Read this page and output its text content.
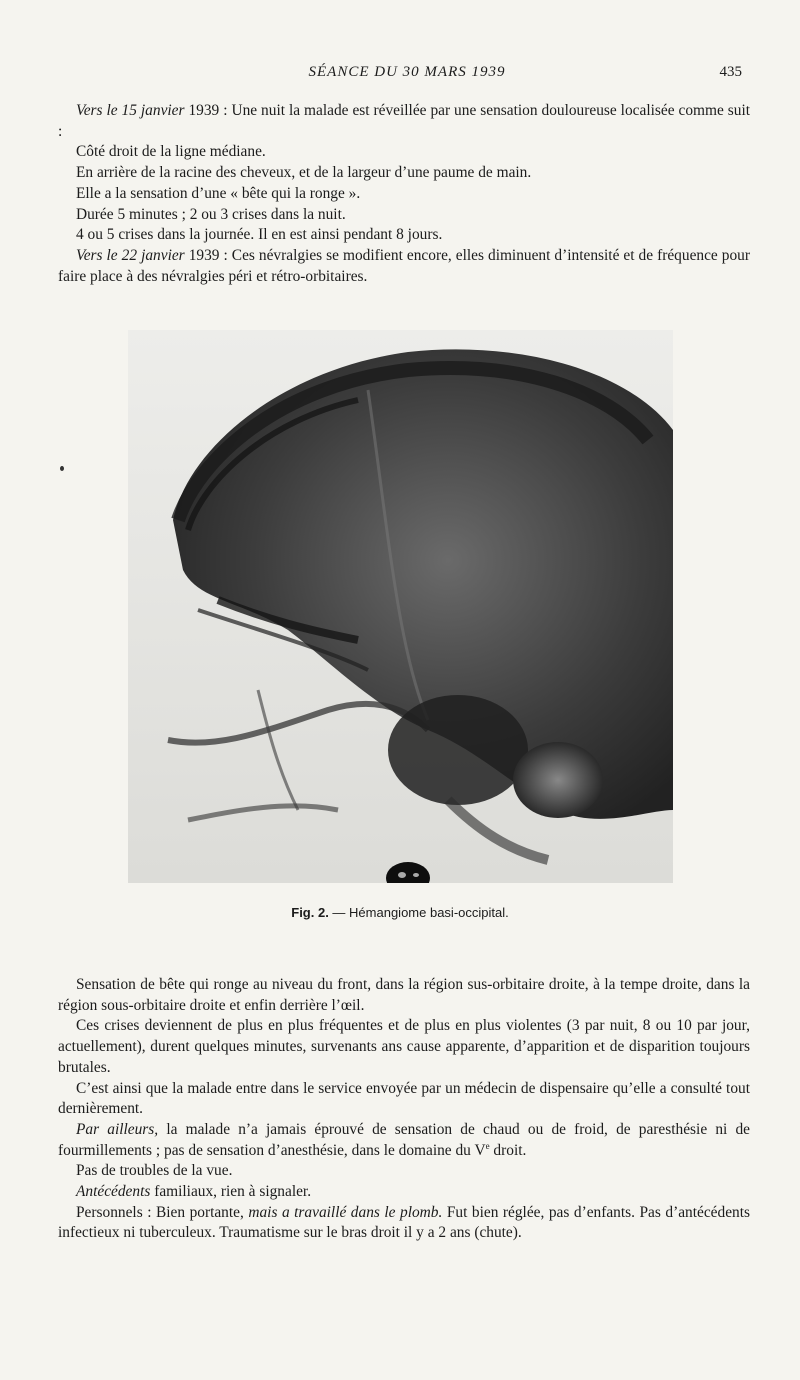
SÉANCE DU 30 MARS 1939	435

Vers le 15 janvier 1939 : Une nuit la malade est réveillée par une sensation douloureuse localisée comme suit :

Côté droit de la ligne médiane.

En arrière de la racine des cheveux, et de la largeur d’une paume de main.

Elle a la sensation d’une « bête qui la ronge ».

Durée 5 minutes ; 2 ou 3 crises dans la nuit.

4 ou 5 crises dans la journée. Il en est ainsi pendant 8 jours.

Vers le 22 janvier 1939 : Ces névralgies se modifient encore, elles diminuent d’intensité et de fréquence pour faire place à des névralgies péri et rétro-orbitaires.

Fig. 2. — Hémangiome basi-occipital.

Sensation de bête qui ronge au niveau du front, dans la région sus-orbitaire droite, à la tempe droite, dans la région sous-orbitaire droite et enfin derrière l’œil.

Ces crises deviennent de plus en plus fréquentes et de plus en plus violentes (3 par nuit, 8 ou 10 par jour, actuellement), durent quelques minutes, survenants ans cause apparente, d’apparition et de disparition toujours brutales.

C’est ainsi que la malade entre dans le service envoyée par un médecin de dispensaire qu’elle a consulté tout dernièrement.

Par ailleurs, la malade n’a jamais éprouvé de sensation de chaud ou de froid, de paresthésie ni de fourmillements ; pas de sensation d’anesthésie, dans le domaine du Ve droit.

Pas de troubles de la vue.

Antécédents familiaux, rien à signaler.

Personnels : Bien portante, mais a travaillé dans le plomb. Fut bien réglée, pas d’enfants. Pas d’antécédents infectieux ni tuberculeux. Traumatisme sur le bras droit il y a 2 ans (chute).
